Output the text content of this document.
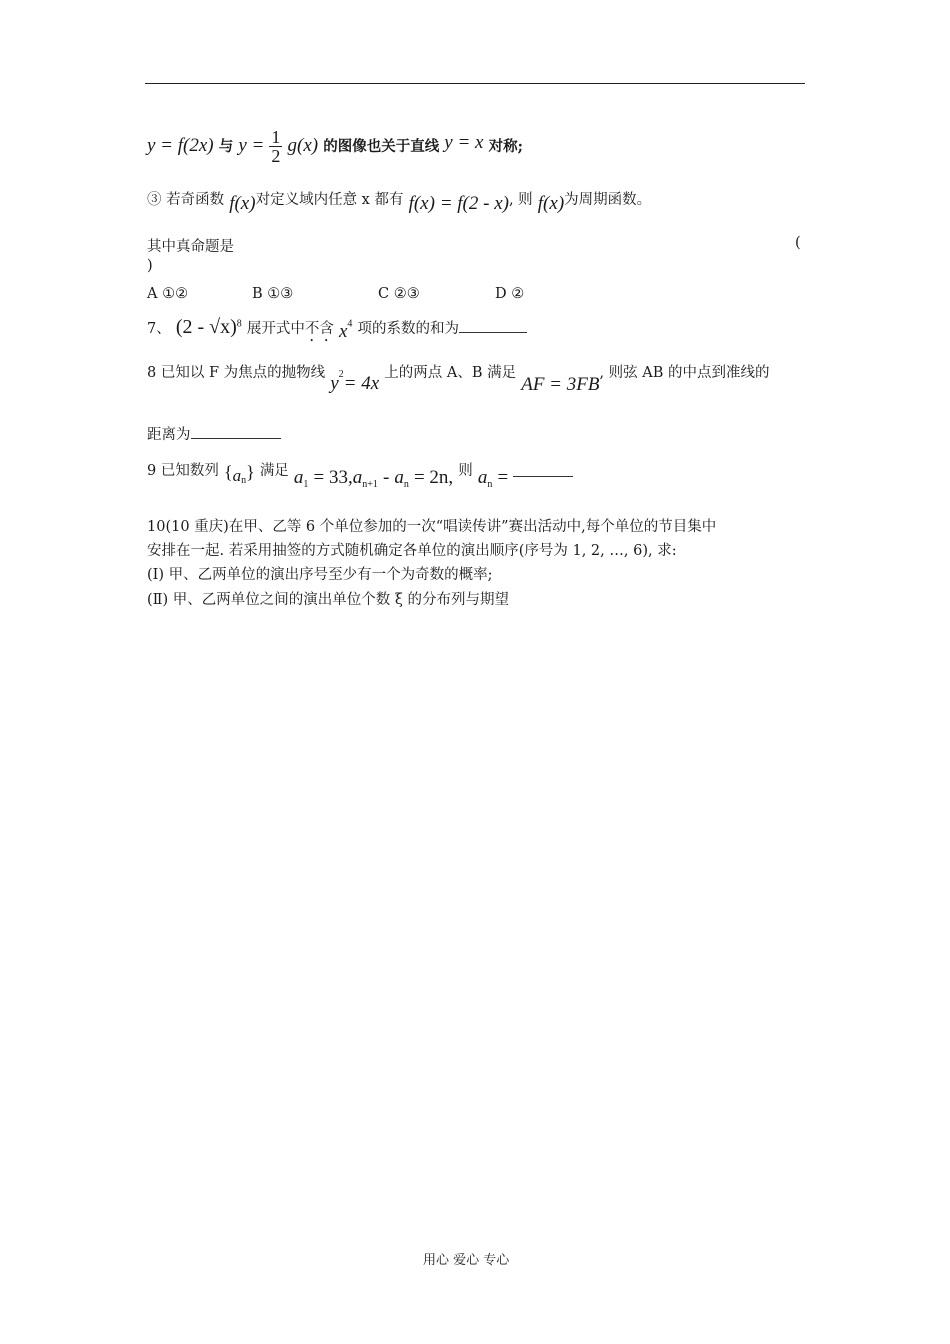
y = f(2x) 与 $y = \frac{1}{2} g(x)$ 的图像也关于直线 y = x 对称;
③ 若奇函数 f(x)对定义域内任意 x 都有 f(x) = f(2 - x), 则 f(x)为周期函数。
其中真命题是	(
)
A ①②	B ①③	C ②③	D ②
7、 (2 - √x)$^8$ 展开式中不含 $x^4$ 项的系数的和为
8 已知以 F 为焦点的抛物线 $y^2= 4x$ 上的两点 A、B 满足 AF = 3FB, 则弦 AB 的中点到准线的
距离为
9 已知数列 $\{a_n\}$ 满足 $a_1 = 33,a_{n+1} - a_n = 2n$, 则 $a_n$ =
10(10 重庆)在甲、乙等 6 个单位参加的一次“唱读传讲”赛出活动中,每个单位的节目集中
安排在一起. 若采用抽签的方式随机确定各单位的演出顺序(序号为 1, 2, …, 6), 求:
(Ⅰ) 甲、乙两单位的演出序号至少有一个为奇数的概率;
(Ⅱ) 甲、乙两单位之间的演出单位个数 ξ 的分布列与期望
用心 爱心 专心
